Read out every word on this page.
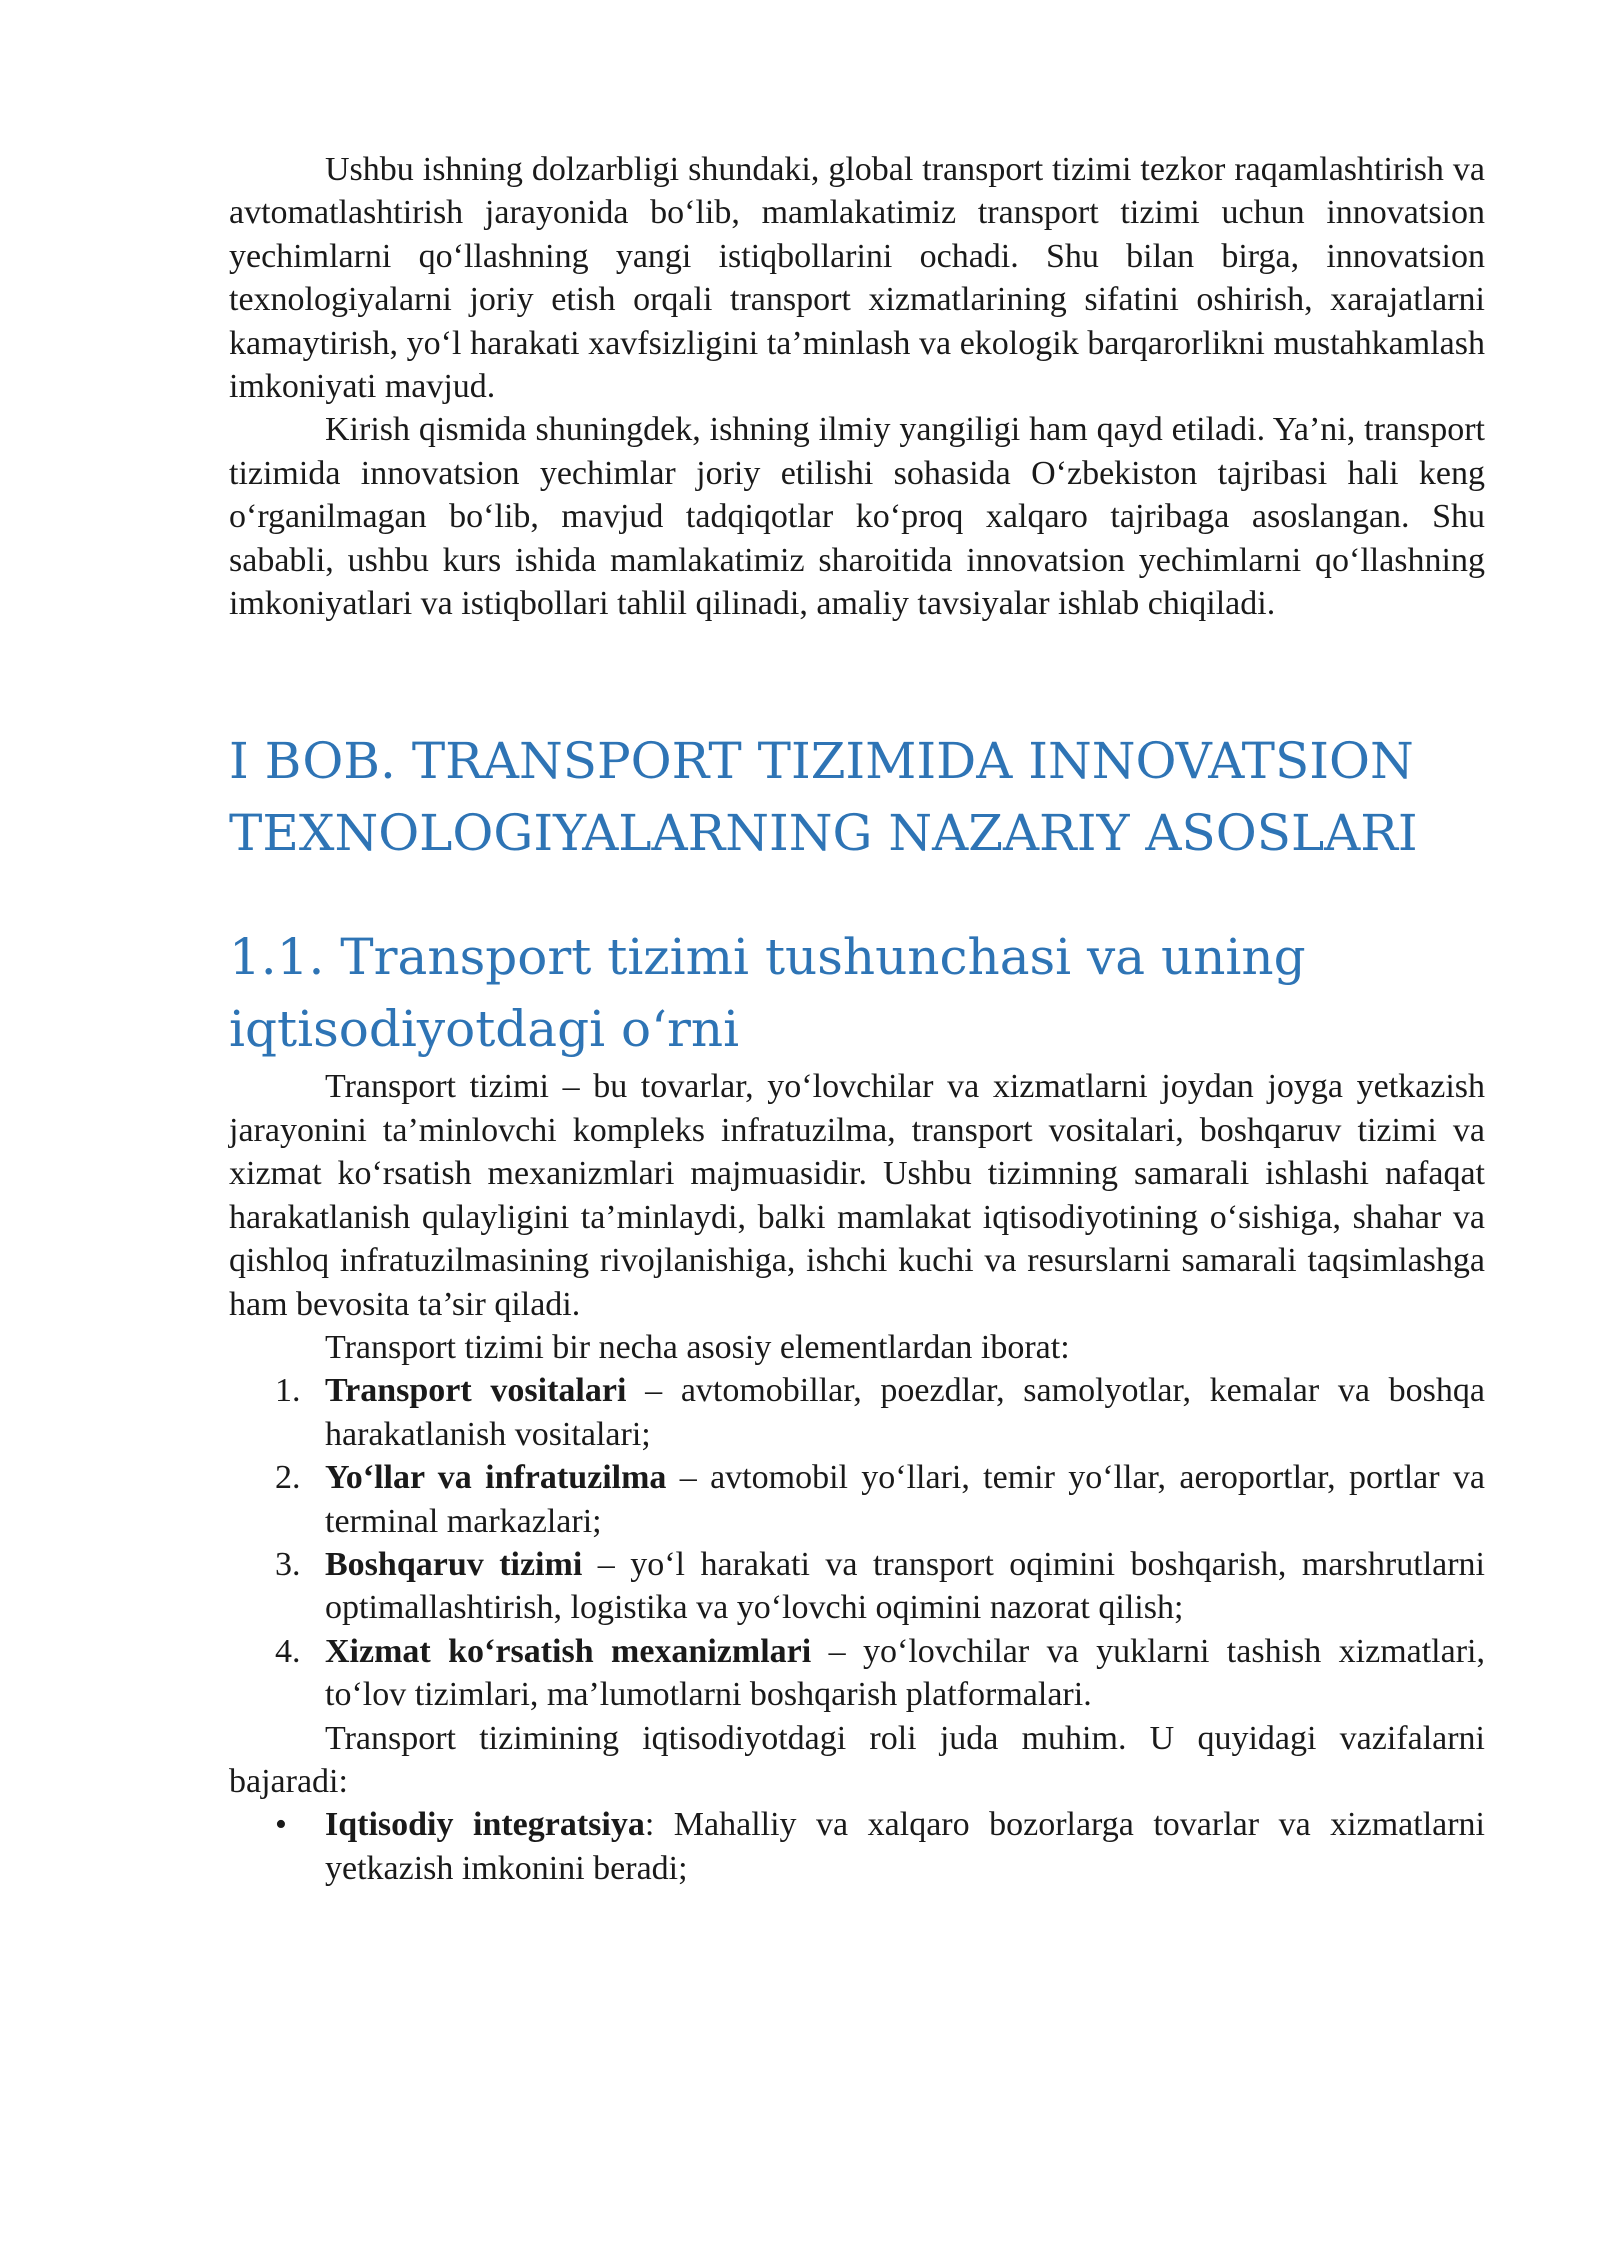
Ushbu ishning dolzarbligi shundaki, global transport tizimi tezkor raqamlashtirish va avtomatlashtirish jarayonida bo‘lib, mamlakatimiz transport tizimi uchun innovatsion yechimlarni qo‘llashning yangi istiqbollarini ochadi. Shu bilan birga, innovatsion texnologiyalarni joriy etish orqali transport xizmatlarining sifatini oshirish, xarajatlarni kamaytirish, yo‘l harakati xavfsizligini ta’minlash va ekologik barqarorlikni mustahkamlash imkoniyati mavjud.

Kirish qismida shuningdek, ishning ilmiy yangiligi ham qayd etiladi. Ya’ni, transport tizimida innovatsion yechimlar joriy etilishi sohasida O‘zbekiston tajribasi hali keng o‘rganilmagan bo‘lib, mavjud tadqiqotlar ko‘proq xalqaro tajribaga asoslangan. Shu sababli, ushbu kurs ishida mamlakatimiz sharoitida innovatsion yechimlarni qo‘llashning imkoniyatlari va istiqbollari tahlil qilinadi, amaliy tavsiyalar ishlab chiqiladi.

I BOB. TRANSPORT TIZIMIDA INNOVATSION TEXNOLOGIYALARNING NAZARIY ASOSLARI
1.1. Transport tizimi tushunchasi va uning iqtisodiyotdagi o‘rni

Transport tizimi – bu tovarlar, yo‘lovchilar va xizmatlarni joydan joyga yetkazish jarayonini ta’minlovchi kompleks infratuzilma, transport vositalari, boshqaruv tizimi va xizmat ko‘rsatish mexanizmlari majmuasidir. Ushbu tizimning samarali ishlashi nafaqat harakatlanish qulayligini ta’minlaydi, balki mamlakat iqtisodiyotining o‘sishiga, shahar va qishloq infratuzilmasining rivojlanishiga, ishchi kuchi va resurslarni samarali taqsimlashga ham bevosita ta’sir qiladi.

Transport tizimi bir necha asosiy elementlardan iborat:

1. Transport vositalari – avtomobillar, poezdlar, samolyotlar, kemalar va boshqa harakatlanish vositalari;
2. Yo‘llar va infratuzilma – avtomobil yo‘llari, temir yo‘llar, aeroportlar, portlar va terminal markazlari;
3. Boshqaruv tizimi – yo‘l harakati va transport oqimini boshqarish, marshrutlarni optimallashtirish, logistika va yo‘lovchi oqimini nazorat qilish;
4. Xizmat ko‘rsatish mexanizmlari – yo‘lovchilar va yuklarni tashish xizmatlari, to‘lov tizimlari, ma’lumotlarni boshqarish platformalari.

Transport tizimining iqtisodiyotdagi roli juda muhim. U quyidagi vazifalarni bajaradi:

• Iqtisodiy integratsiya: Mahalliy va xalqaro bozorlarga tovarlar va xizmatlarni yetkazish imkonini beradi;
